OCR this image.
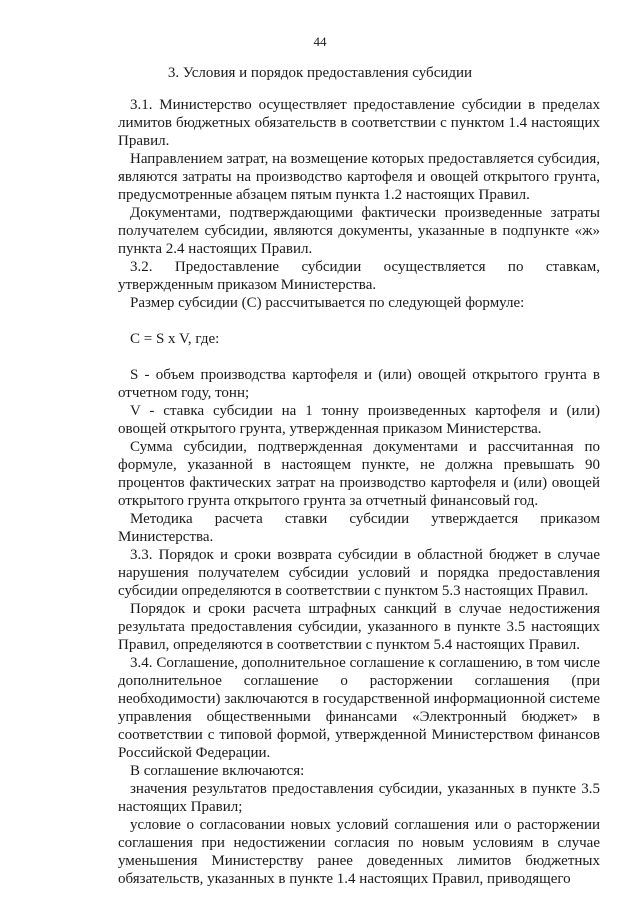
44
3. Условия и порядок предоставления субсидии

3.1. Министерство осуществляет предоставление субсидии в пределах лимитов бюджетных обязательств в соответствии с пунктом 1.4 настоящих Правил.

Направлением затрат, на возмещение которых предоставляется субсидия, являются затраты на производство картофеля и овощей открытого грунта, предусмотренные абзацем пятым пункта 1.2 настоящих Правил.

Документами, подтверждающими фактически произведенные затраты получателем субсидии, являются документы, указанные в подпункте «ж» пункта 2.4 настоящих Правил.

3.2. Предоставление субсидии осуществляется по ставкам, утвержденным приказом Министерства.

Размер субсидии (С) рассчитывается по следующей формуле:

C = S x V, где:

S - объем производства картофеля и (или) овощей открытого грунта в отчетном году, тонн;

V - ставка субсидии на 1 тонну произведенных картофеля и (или) овощей открытого грунта, утвержденная приказом Министерства.

Сумма субсидии, подтвержденная документами и рассчитанная по формуле, указанной в настоящем пункте, не должна превышать 90 процентов фактических затрат на производство картофеля и (или) овощей открытого грунта открытого грунта за отчетный финансовый год.

Методика расчета ставки субсидии утверждается приказом Министерства.

3.3. Порядок и сроки возврата субсидии в областной бюджет в случае нарушения получателем субсидии условий и порядка предоставления субсидии определяются в соответствии с пунктом 5.3 настоящих Правил.

Порядок и сроки расчета штрафных санкций в случае недостижения результата предоставления субсидии, указанного в пункте 3.5 настоящих Правил, определяются в соответствии с пунктом 5.4 настоящих Правил.

3.4. Соглашение, дополнительное соглашение к соглашению, в том числе дополнительное соглашение о расторжении соглашения (при необходимости) заключаются в государственной информационной системе управления общественными финансами «Электронный бюджет» в соответствии с типовой формой, утвержденной Министерством финансов Российской Федерации.

В соглашение включаются:

значения результатов предоставления субсидии, указанных в пункте 3.5 настоящих Правил;

условие о согласовании новых условий соглашения или о расторжении соглашения при недостижении согласия по новым условиям в случае уменьшения Министерству ранее доведенных лимитов бюджетных обязательств, указанных в пункте 1.4 настоящих Правил, приводящего
